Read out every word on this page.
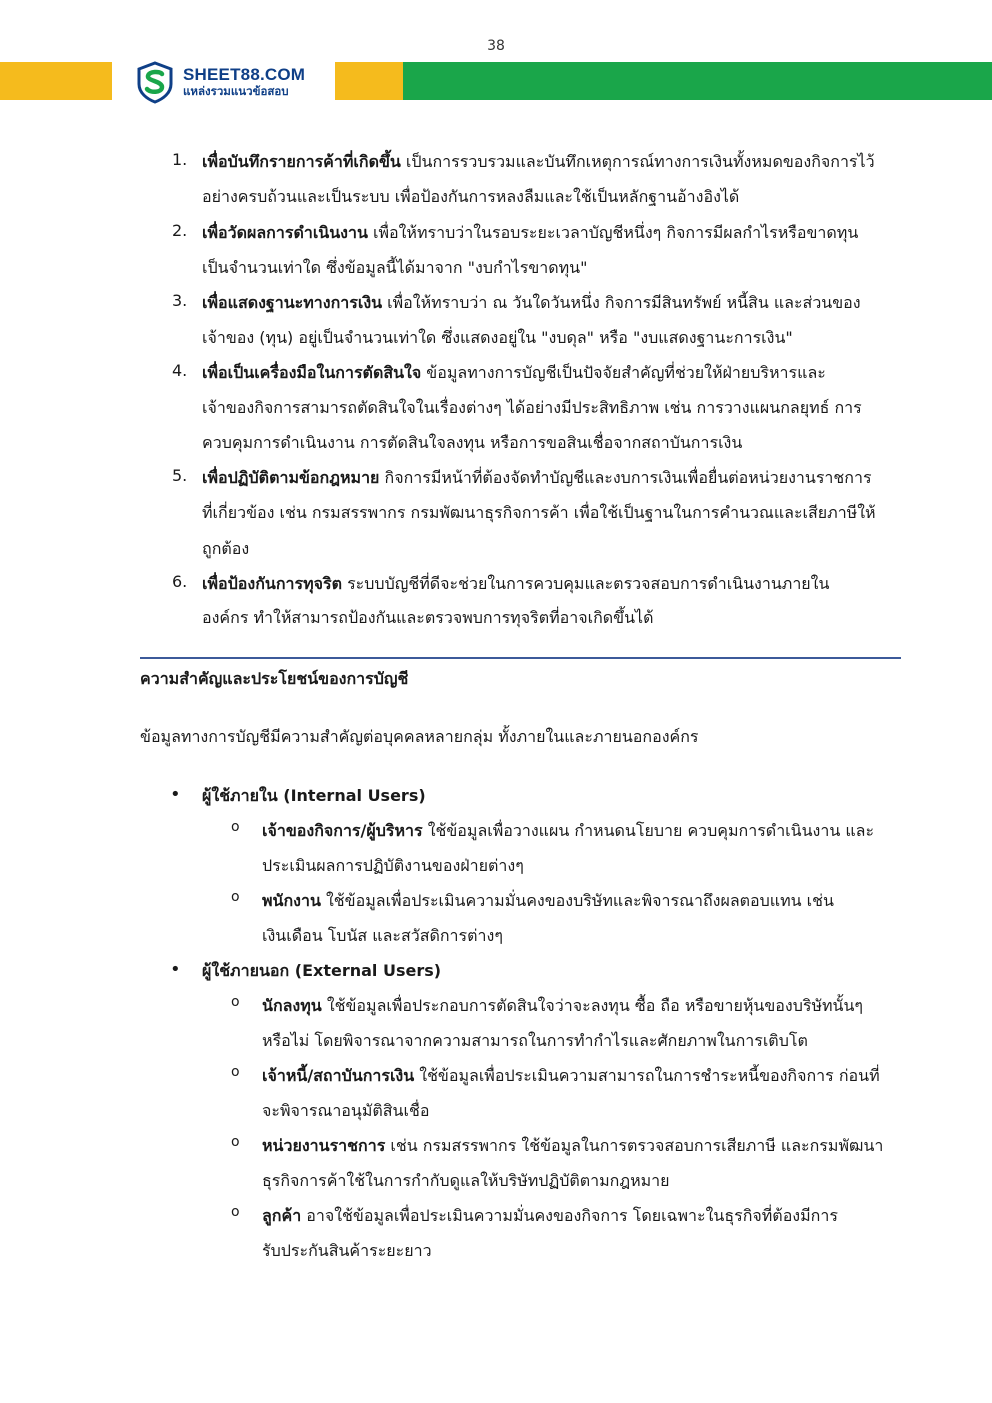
38
SHEET88.COM
แหล่งรวมแนวข้อสอบ
1. เพื่อบันทึกรายการค้าที่เกิดขึ้น เป็นการรวบรวมและบันทึกเหตุการณ์ทางการเงินทั้งหมดของกิจการไว้
อย่างครบถ้วนและเป็นระบบ เพื่อป้องกันการหลงลืมและใช้เป็นหลักฐานอ้างอิงได้
2. เพื่อวัดผลการดำเนินงาน เพื่อให้ทราบว่าในรอบระยะเวลาบัญชีหนึ่งๆ กิจการมีผลกำไรหรือขาดทุน
เป็นจำนวนเท่าใด ซึ่งข้อมูลนี้ได้มาจาก "งบกำไรขาดทุน"
3. เพื่อแสดงฐานะทางการเงิน เพื่อให้ทราบว่า ณ วันใดวันหนึ่ง กิจการมีสินทรัพย์ หนี้สิน และส่วนของ
เจ้าของ (ทุน) อยู่เป็นจำนวนเท่าใด ซึ่งแสดงอยู่ใน "งบดุล" หรือ "งบแสดงฐานะการเงิน"
4. เพื่อเป็นเครื่องมือในการตัดสินใจ ข้อมูลทางการบัญชีเป็นปัจจัยสำคัญที่ช่วยให้ฝ่ายบริหารและ
เจ้าของกิจการสามารถตัดสินใจในเรื่องต่างๆ ได้อย่างมีประสิทธิภาพ เช่น การวางแผนกลยุทธ์ การ
ควบคุมการดำเนินงาน การตัดสินใจลงทุน หรือการขอสินเชื่อจากสถาบันการเงิน
5. เพื่อปฏิบัติตามข้อกฎหมาย กิจการมีหน้าที่ต้องจัดทำบัญชีและงบการเงินเพื่อยื่นต่อหน่วยงานราชการ
ที่เกี่ยวข้อง เช่น กรมสรรพากร กรมพัฒนาธุรกิจการค้า เพื่อใช้เป็นฐานในการคำนวณและเสียภาษีให้
ถูกต้อง
6. เพื่อป้องกันการทุจริต ระบบบัญชีที่ดีจะช่วยในการควบคุมและตรวจสอบการดำเนินงานภายใน
องค์กร ทำให้สามารถป้องกันและตรวจพบการทุจริตที่อาจเกิดขึ้นได้
ความสำคัญและประโยชน์ของการบัญชี
ข้อมูลทางการบัญชีมีความสำคัญต่อบุคคลหลายกลุ่ม ทั้งภายในและภายนอกองค์กร
• ผู้ใช้ภายใน (Internal Users)
o เจ้าของกิจการ/ผู้บริหาร ใช้ข้อมูลเพื่อวางแผน กำหนดนโยบาย ควบคุมการดำเนินงาน และ
ประเมินผลการปฏิบัติงานของฝ่ายต่างๆ
o พนักงาน ใช้ข้อมูลเพื่อประเมินความมั่นคงของบริษัทและพิจารณาถึงผลตอบแทน เช่น
เงินเดือน โบนัส และสวัสดิการต่างๆ
• ผู้ใช้ภายนอก (External Users)
o นักลงทุน ใช้ข้อมูลเพื่อประกอบการตัดสินใจว่าจะลงทุน ซื้อ ถือ หรือขายหุ้นของบริษัทนั้นๆ
หรือไม่ โดยพิจารณาจากความสามารถในการทำกำไรและศักยภาพในการเติบโต
o เจ้าหนี้/สถาบันการเงิน ใช้ข้อมูลเพื่อประเมินความสามารถในการชำระหนี้ของกิจการ ก่อนที่
จะพิจารณาอนุมัติสินเชื่อ
o หน่วยงานราชการ เช่น กรมสรรพากร ใช้ข้อมูลในการตรวจสอบการเสียภาษี และกรมพัฒนา
ธุรกิจการค้าใช้ในการกำกับดูแลให้บริษัทปฏิบัติตามกฎหมาย
o ลูกค้า อาจใช้ข้อมูลเพื่อประเมินความมั่นคงของกิจการ โดยเฉพาะในธุรกิจที่ต้องมีการ
รับประกันสินค้าระยะยาว
